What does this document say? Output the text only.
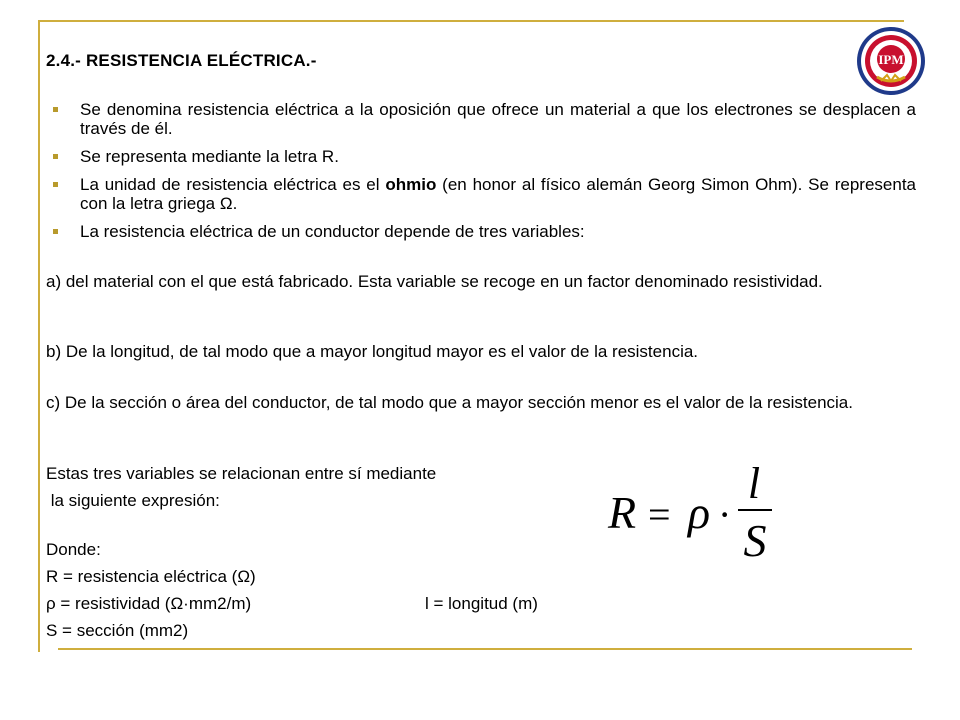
2.4.- RESISTENCIA ELÉCTRICA.-	IPM
Se denomina resistencia eléctrica a la oposición que ofrece un material a que los electrones se desplacen a través de él.
Se representa mediante la letra R.
La unidad de resistencia eléctrica es el ohmio (en honor al físico alemán Georg Simon Ohm). Se representa con la letra griega Ω.
La resistencia eléctrica de un conductor depende de tres variables:
a) del material con el que está fabricado. Esta variable se recoge en un factor denominado resistividad.
b) De la longitud, de tal modo que a mayor longitud mayor es el valor de la resistencia.
c) De la sección o área del conductor, de tal modo que a mayor sección menor es el valor de la resistencia.
Estas tres variables se relacionan entre sí mediante
la siguiente expresión:	R = ρ ·
l
S
Donde:
R = resistencia eléctrica (Ω)
ρ = resistividad (Ω·mm2/m)	l = longitud (m)
S = sección (mm2)
